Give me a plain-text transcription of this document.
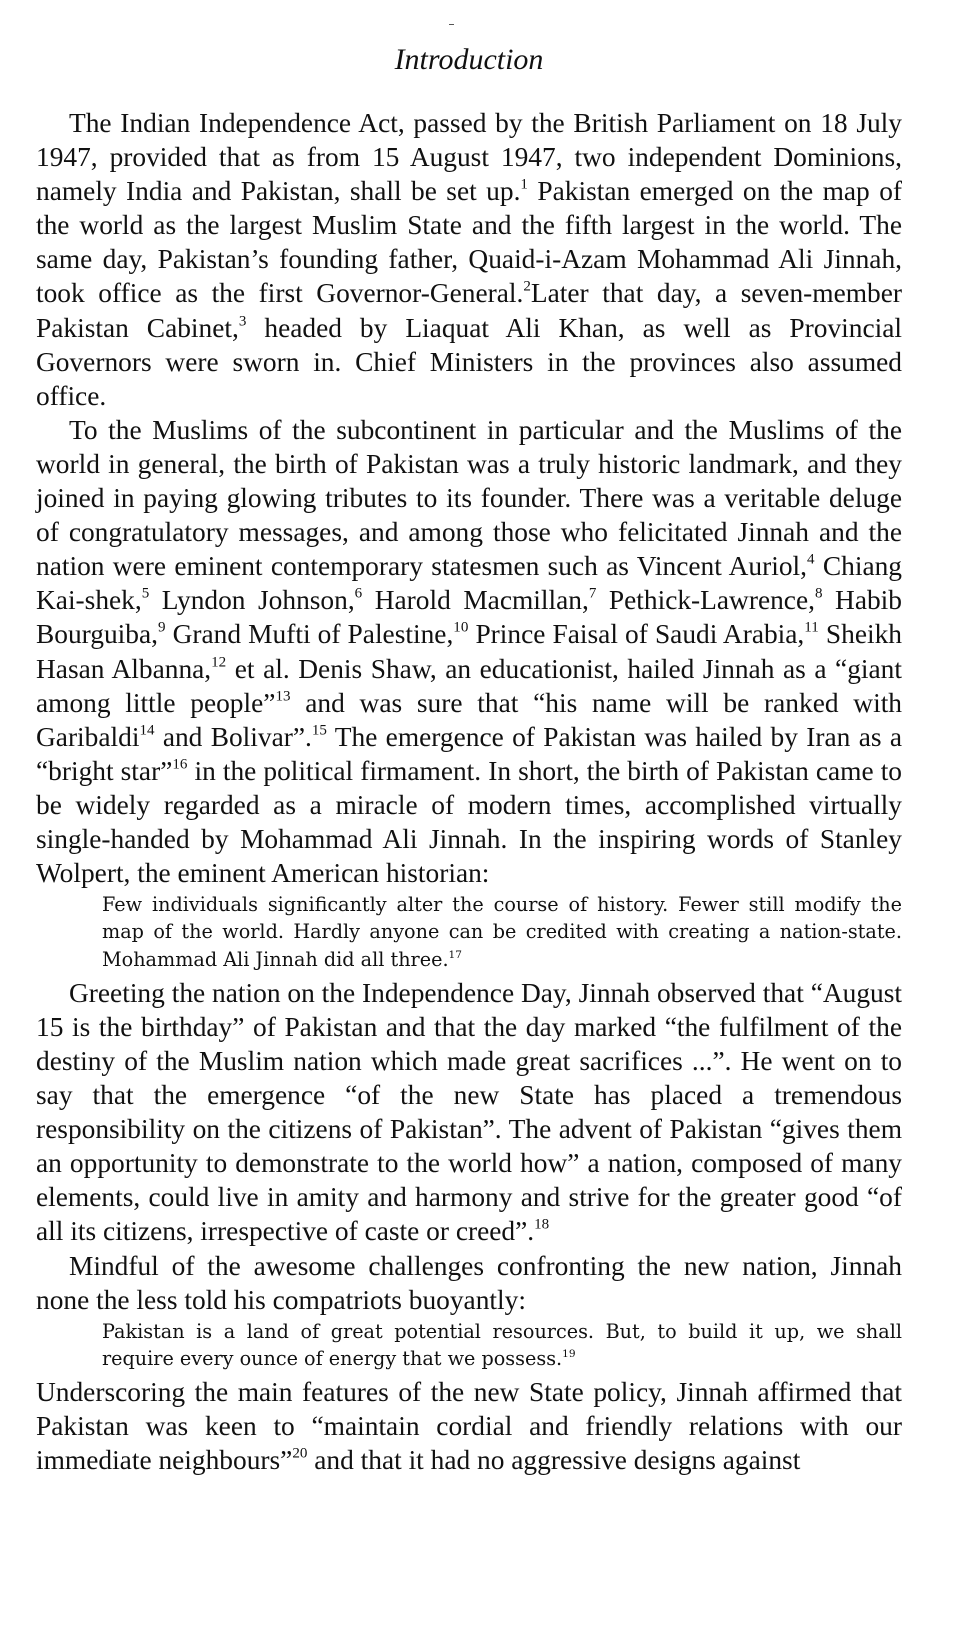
Introduction

The Indian Independence Act, passed by the British Parliament on 18 July 1947, provided that as from 15 August 1947, two independent Dominions, namely India and Pakistan, shall be set up.$^1$ Pakistan emerged on the map of the world as the largest Muslim State and the fifth largest in the world. The same day, Pakistan’s founding father, Quaid-i-Azam Mohammad Ali Jinnah, took office as the first Governor-General.$^2$Later that day, a seven-member Pakistan Cabinet,$^3$ headed by Liaquat Ali Khan, as well as Provincial Governors were sworn in. Chief Ministers in the provinces also assumed office.

To the Muslims of the subcontinent in particular and the Muslims of the world in general, the birth of Pakistan was a truly historic landmark, and they joined in paying glowing tributes to its founder. There was a veritable deluge of congratulatory messages, and among those who felicitated Jinnah and the nation were eminent contemporary statesmen such as Vincent Auriol,$^4$ Chiang Kai-shek,$^5$ Lyndon Johnson,$^6$ Harold Macmillan,$^7$ Pethick-Lawrence,$^8$ Habib Bourguiba,$^9$ Grand Mufti of Palestine,$^{10}$ Prince Faisal of Saudi Arabia,$^{11}$ Sheikh Hasan Albanna,$^{12}$ et al. Denis Shaw, an educationist, hailed Jinnah as a “giant among little people”$^{13}$ and was sure that “his name will be ranked with Garibaldi$^{14}$ and Bolivar”.$^{15}$ The emergence of Pakistan was hailed by Iran as a “bright star”$^{16}$ in the political firmament. In short, the birth of Pakistan came to be widely regarded as a miracle of modern times, accomplished virtually single-handed by Mohammad Ali Jinnah. In the inspiring words of Stanley Wolpert, the eminent American historian:

Few individuals significantly alter the course of history. Fewer still modify the map of the world. Hardly anyone can be credited with creating a nation-state. Mohammad Ali Jinnah did all three.$^{17}$

Greeting the nation on the Independence Day, Jinnah observed that “August 15 is the birthday” of Pakistan and that the day marked “the fulfilment of the destiny of the Muslim nation which made great sacrifices ...”. He went on to say that the emergence “of the new State has placed a tremendous responsibility on the citizens of Pakistan”. The advent of Pakistan “gives them an opportunity to demonstrate to the world how” a nation, composed of many elements, could live in amity and harmony and strive for the greater good “of all its citizens, irrespective of caste or creed”.$^{18}$

Mindful of the awesome challenges confronting the new nation, Jinnah none the less told his compatriots buoyantly:

Pakistan is a land of great potential resources. But, to build it up, we shall require every ounce of energy that we possess.$^{19}$

Underscoring the main features of the new State policy, Jinnah affirmed that Pakistan was keen to “maintain cordial and friendly relations with our immediate neighbours”$^{20}$ and that it had no aggressive designs against
